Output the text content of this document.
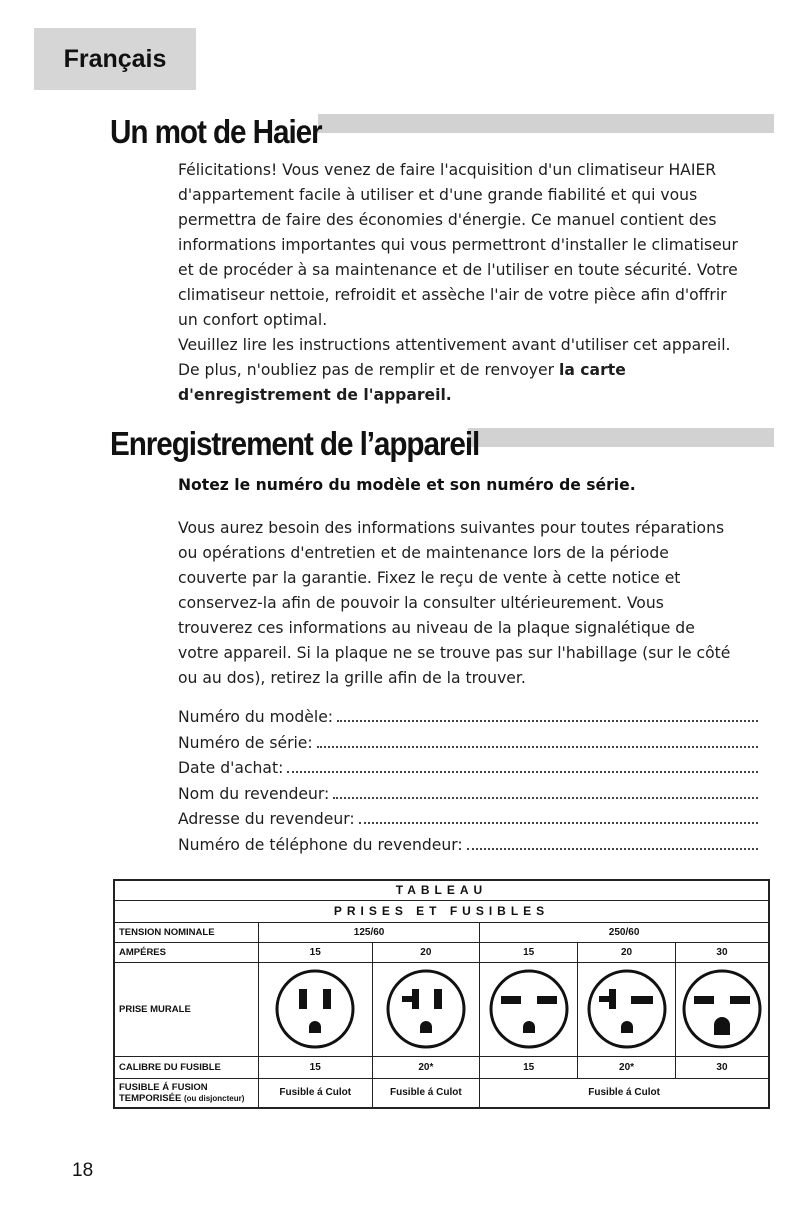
Français
Un mot de Haier

Félicitations! Vous venez de faire l'acquisition d'un climatiseur HAIER d'appartement facile à utiliser et d'une grande fiabilité et qui vous permettra de faire des économies d'énergie. Ce manuel contient des informations importantes qui vous permettront d'installer le climatiseur et de procéder à sa maintenance et de l'utiliser en toute sécurité. Votre climatiseur nettoie, refroidit et assèche l'air de votre pièce afin d'offrir un confort optimal.
Veuillez lire les instructions attentivement avant d'utiliser cet appareil. De plus, n'oubliez pas de remplir et de renvoyer la carte d'enregistrement de l'appareil.

Enregistrement de l’appareil
Notez le numéro du modèle et son numéro de série.

Vous aurez besoin des informations suivantes pour toutes réparations ou opérations d'entretien et de maintenance lors de la période couverte par la garantie. Fixez le reçu de vente à cette notice et conservez-la afin de pouvoir la consulter ultérieurement. Vous trouverez ces informations au niveau de la plaque signalétique de votre appareil. Si la plaque ne se trouve pas sur l'habillage (sur le côté ou au dos), retirez la grille afin de la trouver.

Numéro du modèle:
Numéro de série:
Date d'achat:
Nom du revendeur:
Adresse du revendeur:
Numéro de téléphone du revendeur:
TABLEAU					
PRISES ET FUSIBLES					
TENSION NOMINALE	125/60		250/60		
AMPÉRES	15	20	15	20	30
PRISE MURALE	

CALIBRE DU FUSIBLE	15	20*	15	20*	30
FUSIBLE Á FUSION
TEMPORISÉE (ou disjoncteur)	Fusible á Culot	Fusible á Culot	Fusible á Culot		
18
